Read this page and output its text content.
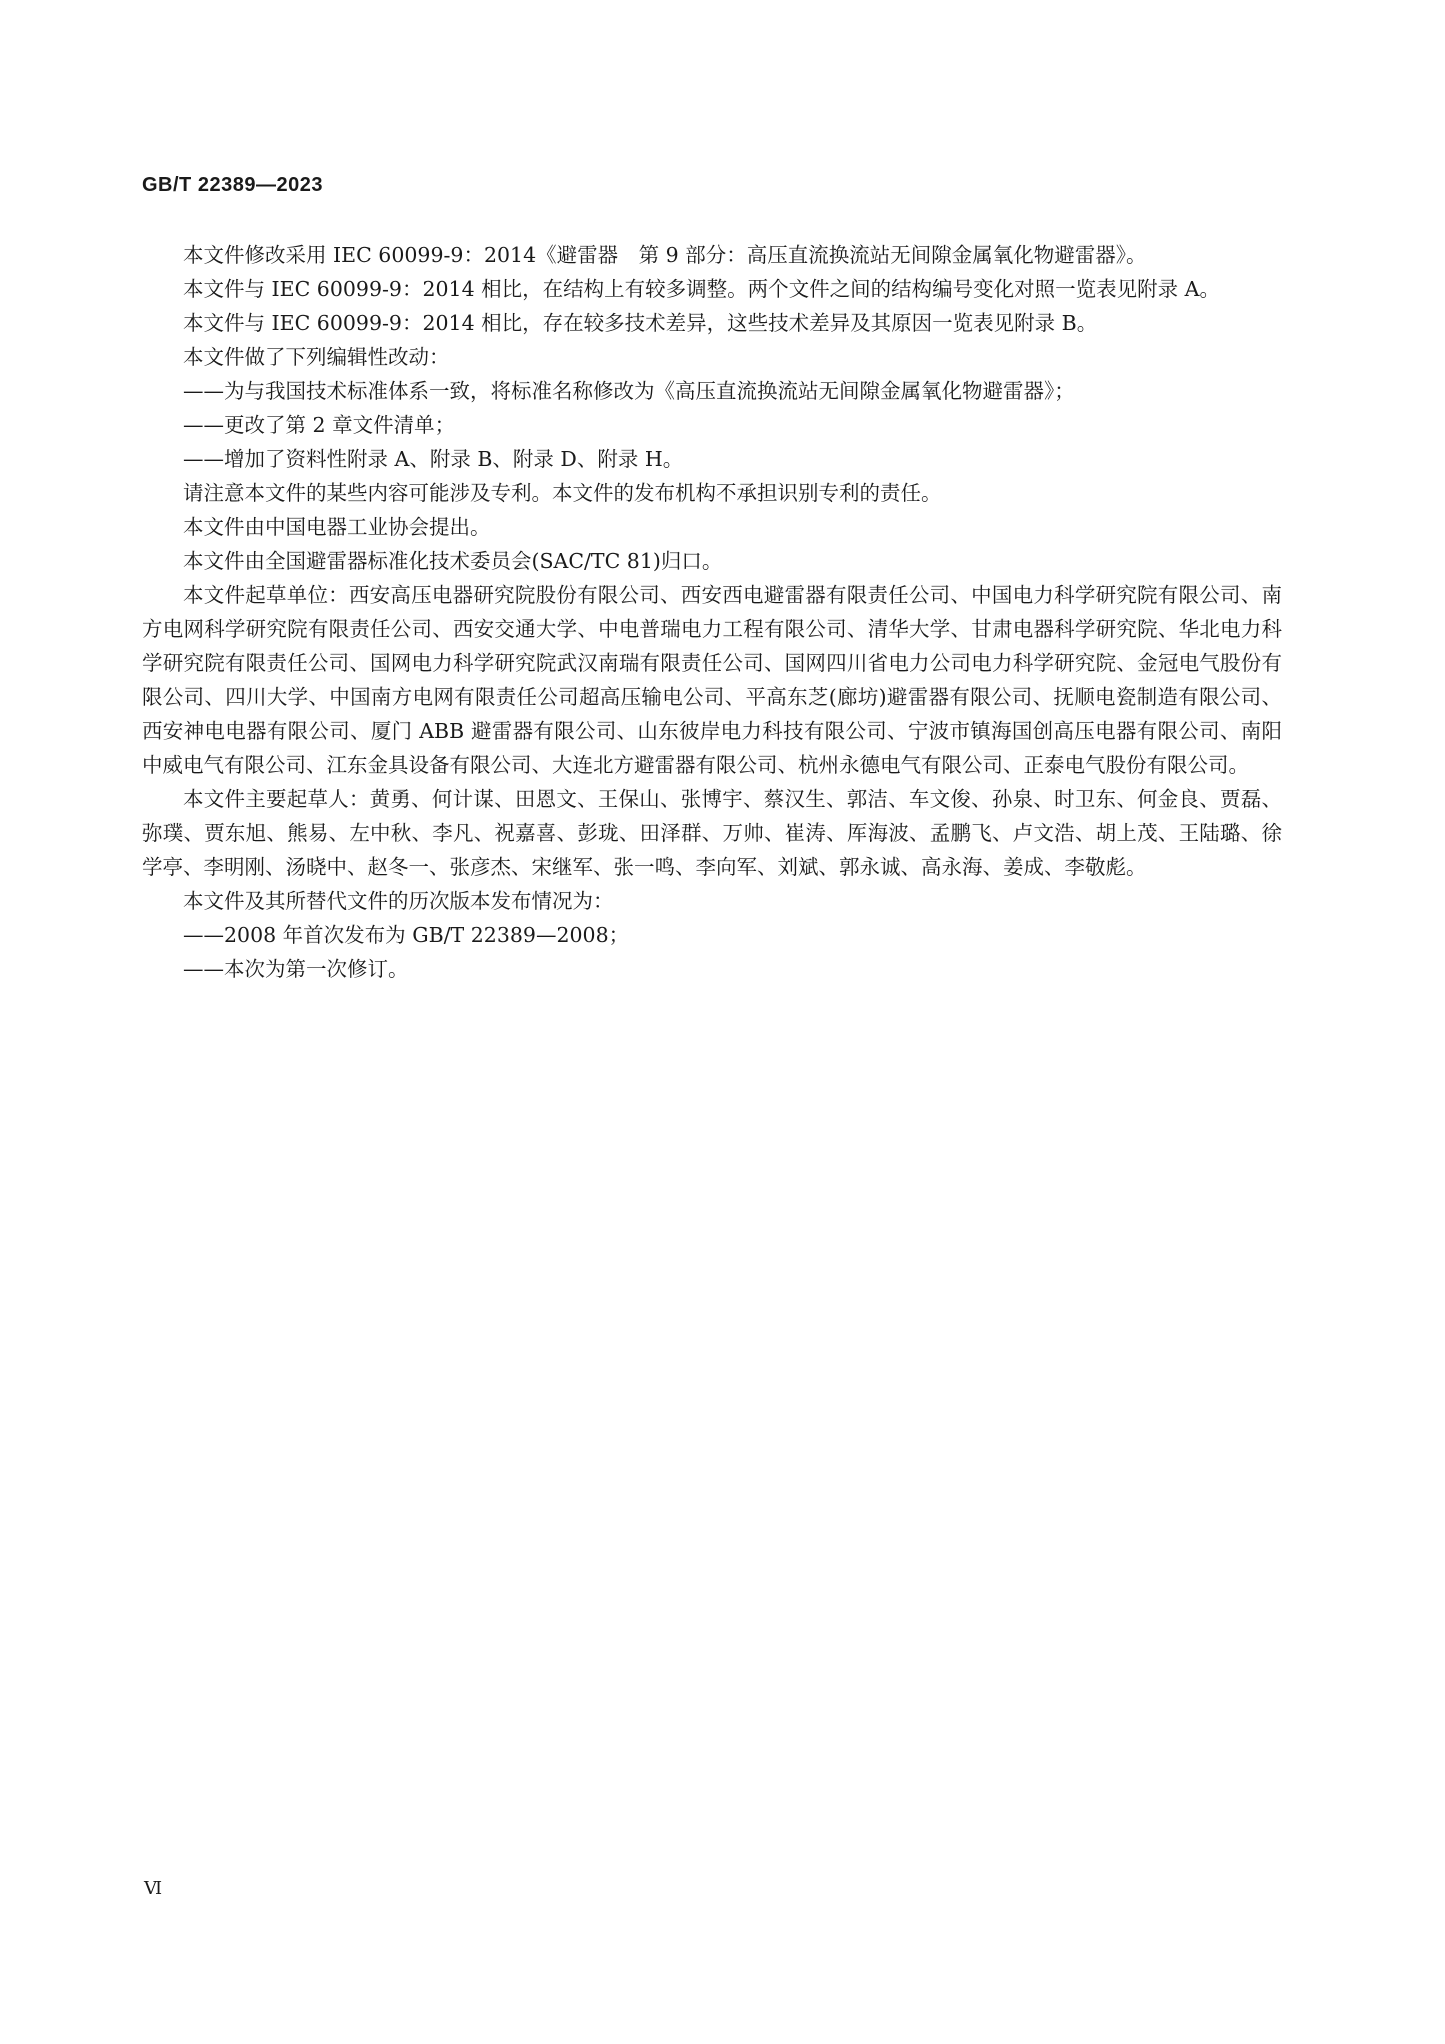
GB/T 22389—2023

本文件修改采用 IEC 60099-9：2014《避雷器　第 9 部分：高压直流换流站无间隙金属氧化物避雷器》。

本文件与 IEC 60099-9：2014 相比，在结构上有较多调整。两个文件之间的结构编号变化对照一览表见附录 A。

本文件与 IEC 60099-9：2014 相比，存在较多技术差异，这些技术差异及其原因一览表见附录 B。

本文件做了下列编辑性改动：

——为与我国技术标准体系一致，将标准名称修改为《高压直流换流站无间隙金属氧化物避雷器》；

——更改了第 2 章文件清单；

——增加了资料性附录 A、附录 B、附录 D、附录 H。

请注意本文件的某些内容可能涉及专利。本文件的发布机构不承担识别专利的责任。

本文件由中国电器工业协会提出。

本文件由全国避雷器标准化技术委员会(SAC/TC 81)归口。

本文件起草单位：西安高压电器研究院股份有限公司、西安西电避雷器有限责任公司、中国电力科学研究院有限公司、南方电网科学研究院有限责任公司、西安交通大学、中电普瑞电力工程有限公司、清华大学、甘肃电器科学研究院、华北电力科学研究院有限责任公司、国网电力科学研究院武汉南瑞有限责任公司、国网四川省电力公司电力科学研究院、金冠电气股份有限公司、四川大学、中国南方电网有限责任公司超高压输电公司、平高东芝(廊坊)避雷器有限公司、抚顺电瓷制造有限公司、西安神电电器有限公司、厦门 ABB 避雷器有限公司、山东彼岸电力科技有限公司、宁波市镇海国创高压电器有限公司、南阳中威电气有限公司、江东金具设备有限公司、大连北方避雷器有限公司、杭州永德电气有限公司、正泰电气股份有限公司。

本文件主要起草人：黄勇、何计谋、田恩文、王保山、张博宇、蔡汉生、郭洁、车文俊、孙泉、时卫东、何金良、贾磊、弥璞、贾东旭、熊易、左中秋、李凡、祝嘉喜、彭珑、田泽群、万帅、崔涛、厍海波、孟鹏飞、卢文浩、胡上茂、王陆璐、徐学亭、李明刚、汤晓中、赵冬一、张彦杰、宋继军、张一鸣、李向军、刘斌、郭永诚、高永海、姜成、李敬彪。

本文件及其所替代文件的历次版本发布情况为：

——2008 年首次发布为 GB/T 22389—2008；

——本次为第一次修订。

Ⅵ
